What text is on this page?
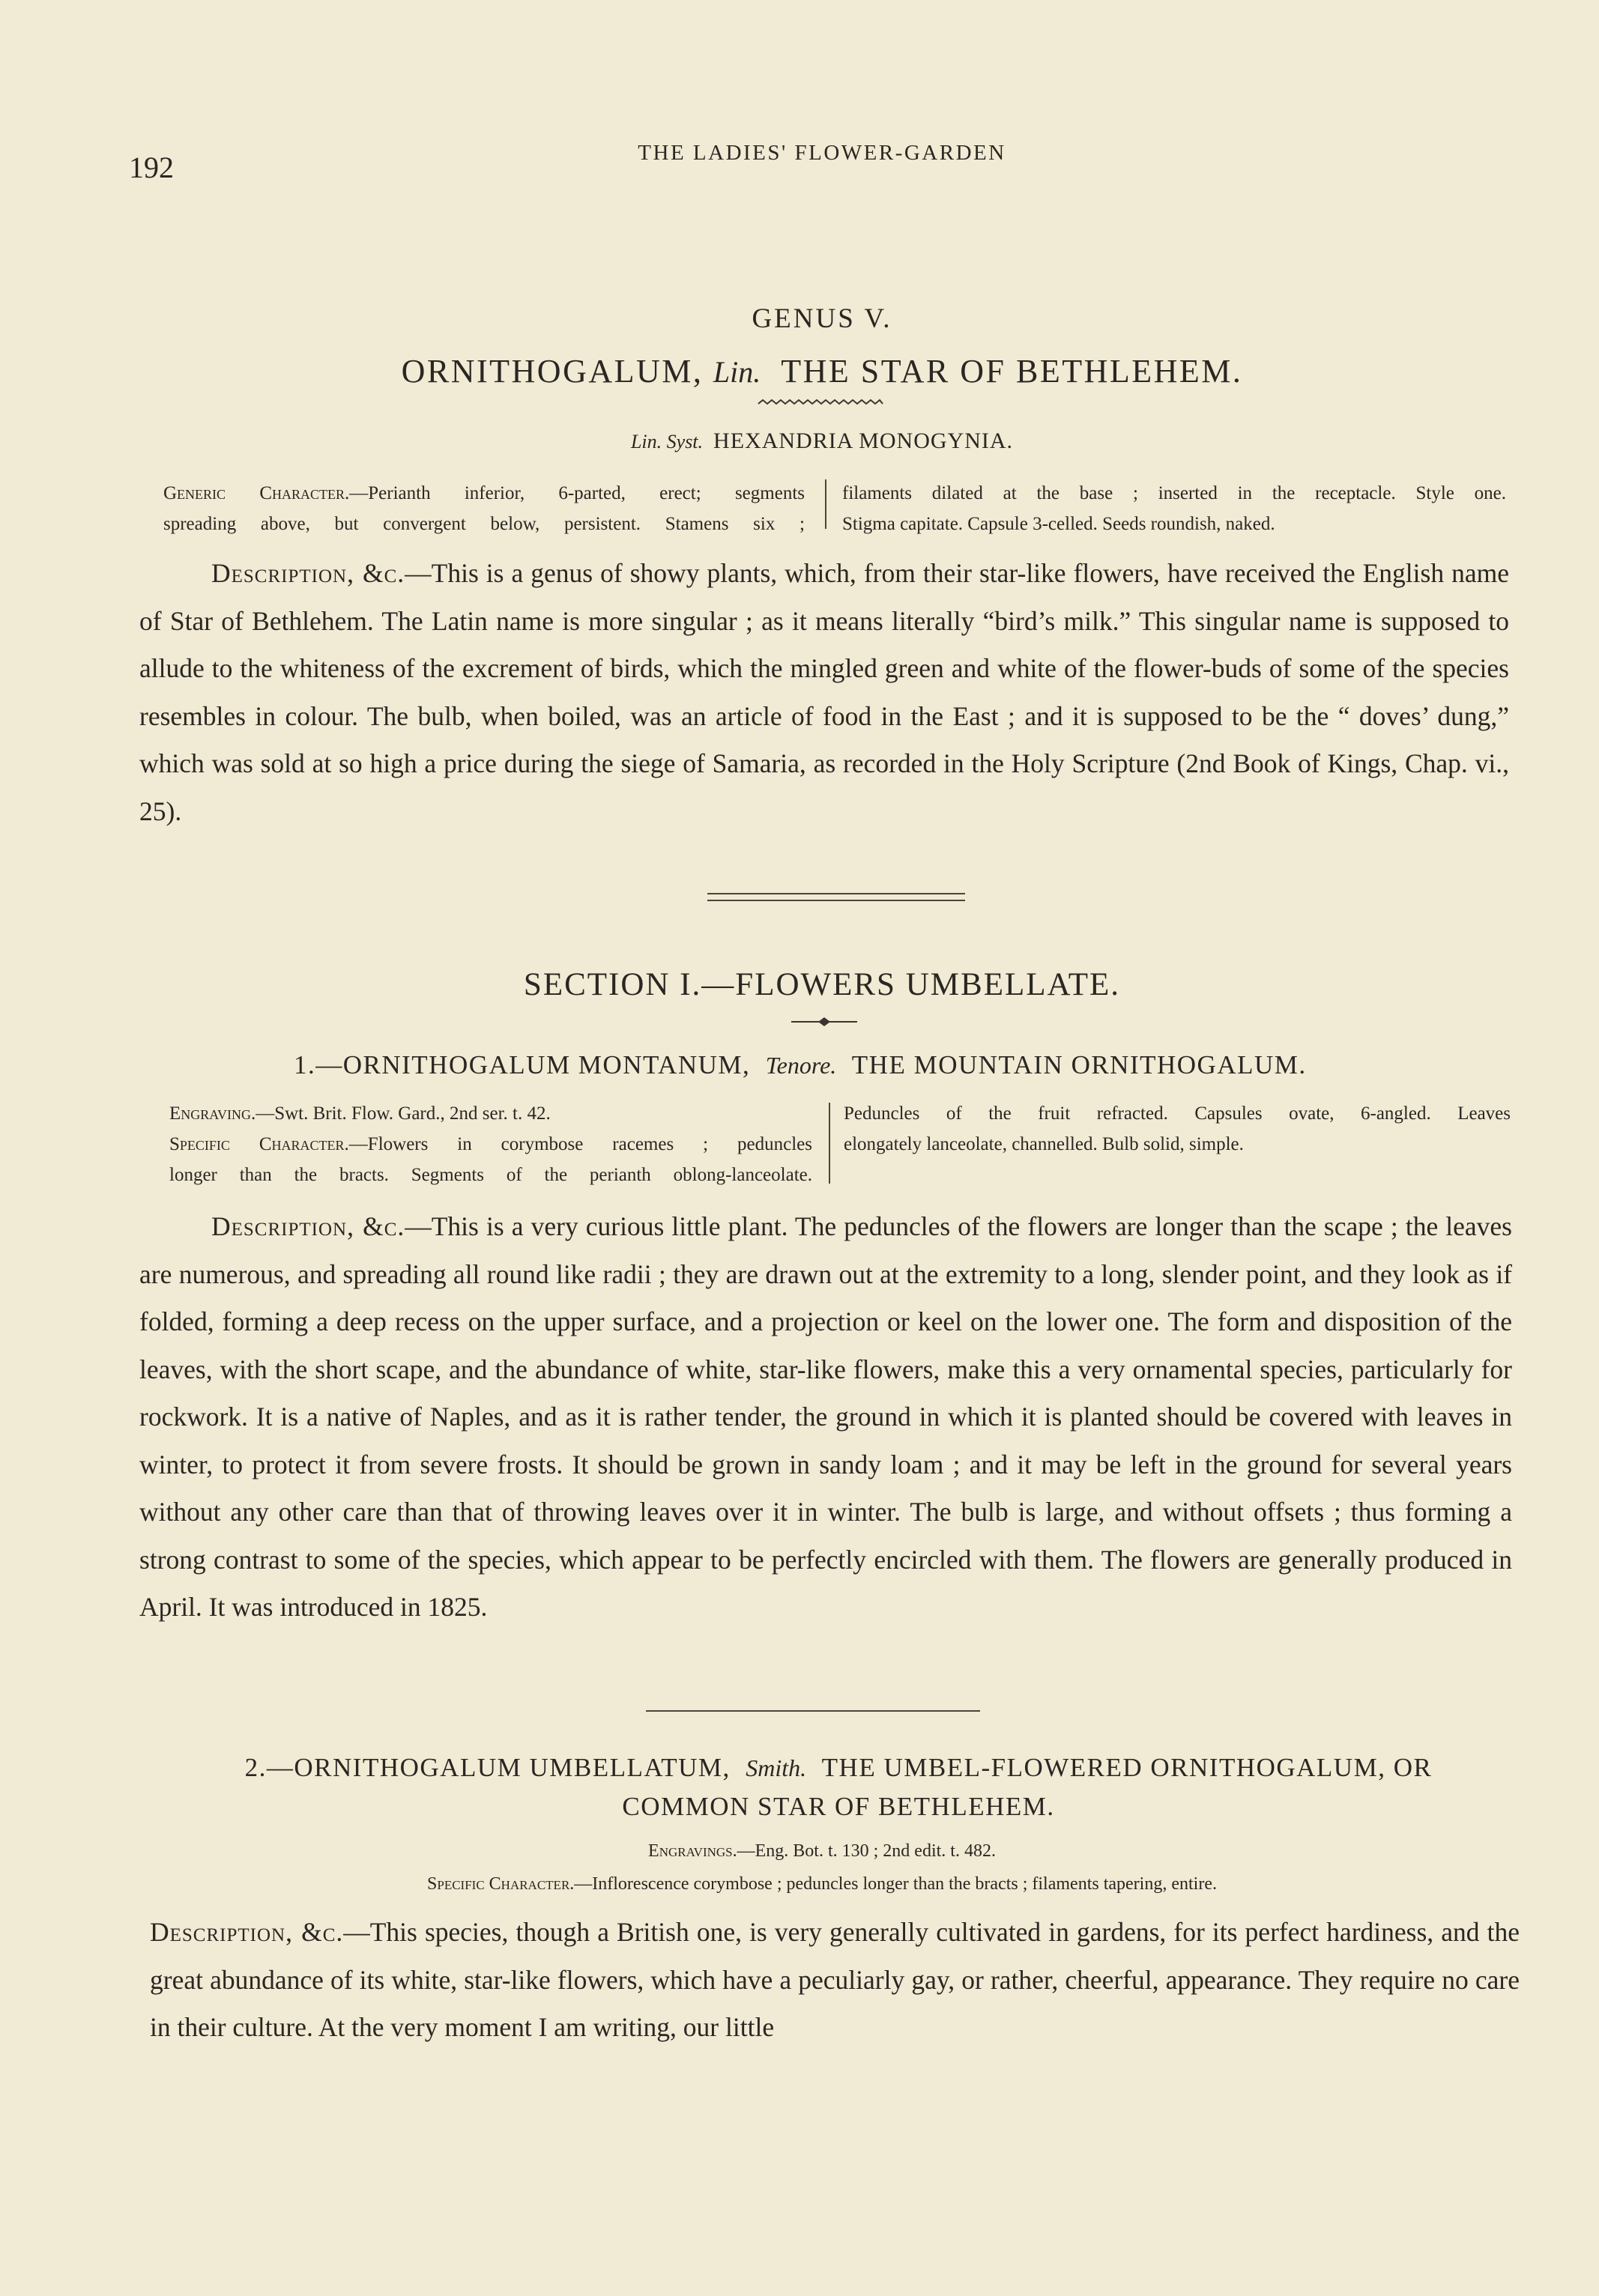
192	THE LADIES' FLOWER-GARDEN
GENUS V.
ORNITHOGALUM, Lin. THE STAR OF BETHLEHEM.
Lin. Syst. HEXANDRIA MONOGYNIA.
Generic Character.—Perianth inferior, 6-parted, erect; segments
spreading above, but convergent below, persistent. Stamens six ;
filaments dilated at the base ; inserted in the receptacle. Style one.
Stigma capitate. Capsule 3-celled. Seeds roundish, naked.
Description, &c.—This is a genus of showy plants, which, from their star-like flowers, have received the English name of Star of Bethlehem. The Latin name is more singular ; as it means literally “bird’s milk.” This singular name is supposed to allude to the whiteness of the excrement of birds, which the mingled green and white of the flower-buds of some of the species resembles in colour. The bulb, when boiled, was an article of food in the East ; and it is supposed to be the “ doves’ dung,” which was sold at so high a price during the siege of Samaria, as recorded in the Holy Scripture (2nd Book of Kings, Chap. vi., 25).
SECTION I.—FLOWERS UMBELLATE.
1.—ORNITHOGALUM MONTANUM, Tenore. THE MOUNTAIN ORNITHOGALUM.
Engraving.—Swt. Brit. Flow. Gard., 2nd ser. t. 42.
Specific Character.—Flowers in corymbose racemes ; peduncles
longer than the bracts. Segments of the perianth oblong-lanceolate.
Peduncles of the fruit refracted. Capsules ovate, 6-angled. Leaves
elongately lanceolate, channelled. Bulb solid, simple.
Description, &c.—This is a very curious little plant. The peduncles of the flowers are longer than the scape ; the leaves are numerous, and spreading all round like radii ; they are drawn out at the extremity to a long, slender point, and they look as if folded, forming a deep recess on the upper surface, and a projection or keel on the lower one. The form and disposition of the leaves, with the short scape, and the abundance of white, star-like flowers, make this a very ornamental species, particularly for rockwork. It is a native of Naples, and as it is rather tender, the ground in which it is planted should be covered with leaves in winter, to protect it from severe frosts. It should be grown in sandy loam ; and it may be left in the ground for several years without any other care than that of throwing leaves over it in winter. The bulb is large, and without offsets ; thus forming a strong contrast to some of the species, which appear to be perfectly encircled with them. The flowers are generally produced in April. It was introduced in 1825.
2.—ORNITHOGALUM UMBELLATUM, Smith. THE UMBEL-FLOWERED ORNITHOGALUM, OR
COMMON STAR OF BETHLEHEM.
Engravings.—Eng. Bot. t. 130 ; 2nd edit. t. 482.
Specific Character.—Inflorescence corymbose ; peduncles longer than the bracts ; filaments tapering, entire.
Description, &c.—This species, though a British one, is very generally cultivated in gardens, for its perfect hardiness, and the great abundance of its white, star-like flowers, which have a peculiarly gay, or rather, cheerful, appearance. They require no care in their culture. At the very moment I am writing, our little
